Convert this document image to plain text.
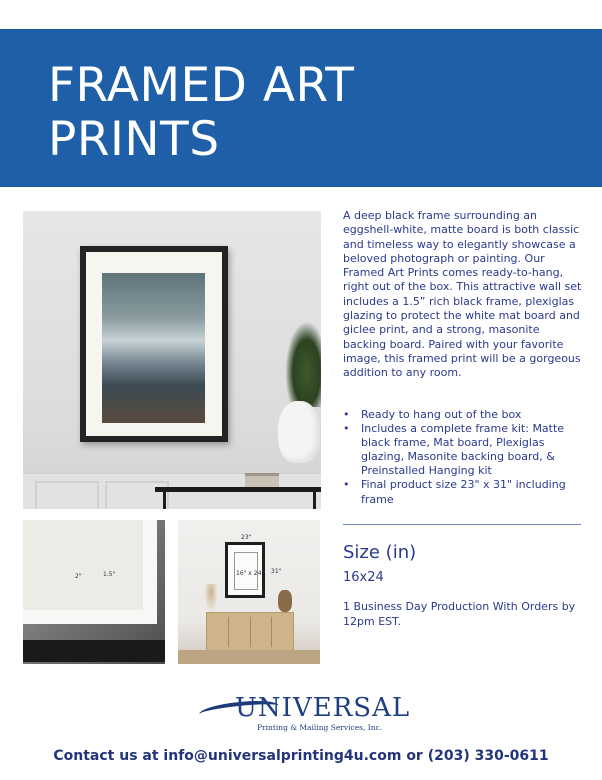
FRAMED ART
PRINTS
2"	1.5"
23"
31"
16" x 24"

A deep black frame surrounding an eggshell-white, matte board is both classic and timeless way to elegantly showcase a beloved photograph or painting. Our Framed Art Prints comes ready-to-hang, right out of the box. This attractive wall set includes a 1.5” rich black frame, plexiglas glazing to protect the white mat board and giclee print, and a strong, masonite backing board. Paired with your favorite image, this framed print will be a gorgeous addition to any room.

• Ready to hang out of the box
• Includes a complete frame kit: Matte black frame, Mat board, Plexiglas glazing, Masonite backing board, & Preinstalled Hanging kit
• Final product size 23" x 31" including frame
Size (in)
16x24
1 Business Day Production With Orders by 12pm EST.
UNIVERSAL
Printing & Mailing Services, Inc.
Contact us at info@universalprinting4u.com or (203) 330-0611
